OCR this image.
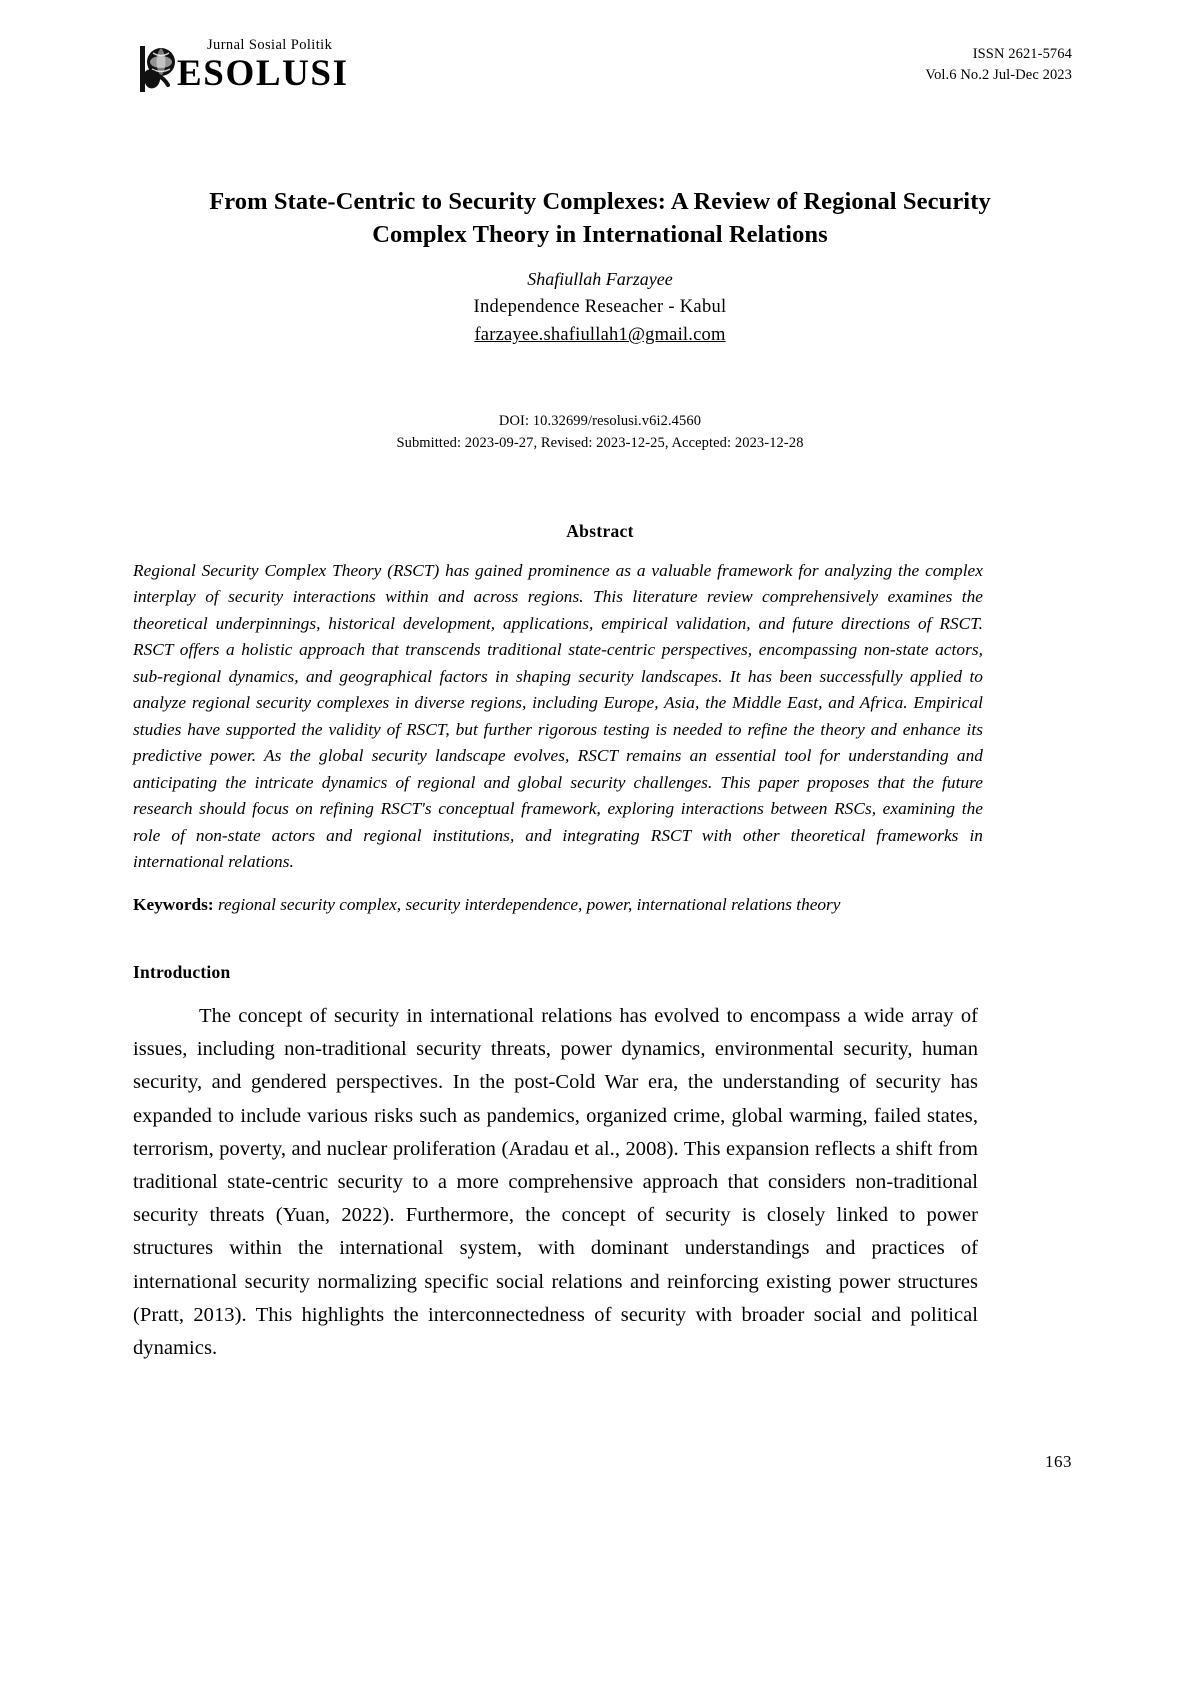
Jurnal Sosial Politik
ESOLUSI	ISSN 2621-5764
Vol.6 No.2 Jul-Dec 2023
From State-Centric to Security Complexes: A Review of Regional Security Complex Theory in International Relations
Shafiullah Farzayee
Independence Reseacher - Kabul
farzayee.shafiullah1@gmail.com
DOI: 10.32699/resolusi.v6i2.4560
Submitted: 2023-09-27, Revised: 2023-12-25, Accepted: 2023-12-28
Abstract
Regional Security Complex Theory (RSCT) has gained prominence as a valuable framework for analyzing the complex interplay of security interactions within and across regions. This literature review comprehensively examines the theoretical underpinnings, historical development, applications, empirical validation, and future directions of RSCT. RSCT offers a holistic approach that transcends traditional state-centric perspectives, encompassing non-state actors, sub-regional dynamics, and geographical factors in shaping security landscapes. It has been successfully applied to analyze regional security complexes in diverse regions, including Europe, Asia, the Middle East, and Africa. Empirical studies have supported the validity of RSCT, but further rigorous testing is needed to refine the theory and enhance its predictive power. As the global security landscape evolves, RSCT remains an essential tool for understanding and anticipating the intricate dynamics of regional and global security challenges. This paper proposes that the future research should focus on refining RSCT's conceptual framework, exploring interactions between RSCs, examining the role of non-state actors and regional institutions, and integrating RSCT with other theoretical frameworks in international relations.
Keywords: regional security complex, security interdependence, power, international relations theory
Introduction
The concept of security in international relations has evolved to encompass a wide array of issues, including non-traditional security threats, power dynamics, environmental security, human security, and gendered perspectives. In the post-Cold War era, the understanding of security has expanded to include various risks such as pandemics, organized crime, global warming, failed states, terrorism, poverty, and nuclear proliferation (Aradau et al., 2008). This expansion reflects a shift from traditional state-centric security to a more comprehensive approach that considers non-traditional security threats (Yuan, 2022). Furthermore, the concept of security is closely linked to power structures within the international system, with dominant understandings and practices of international security normalizing specific social relations and reinforcing existing power structures (Pratt, 2013). This highlights the interconnectedness of security with broader social and political dynamics.
163
